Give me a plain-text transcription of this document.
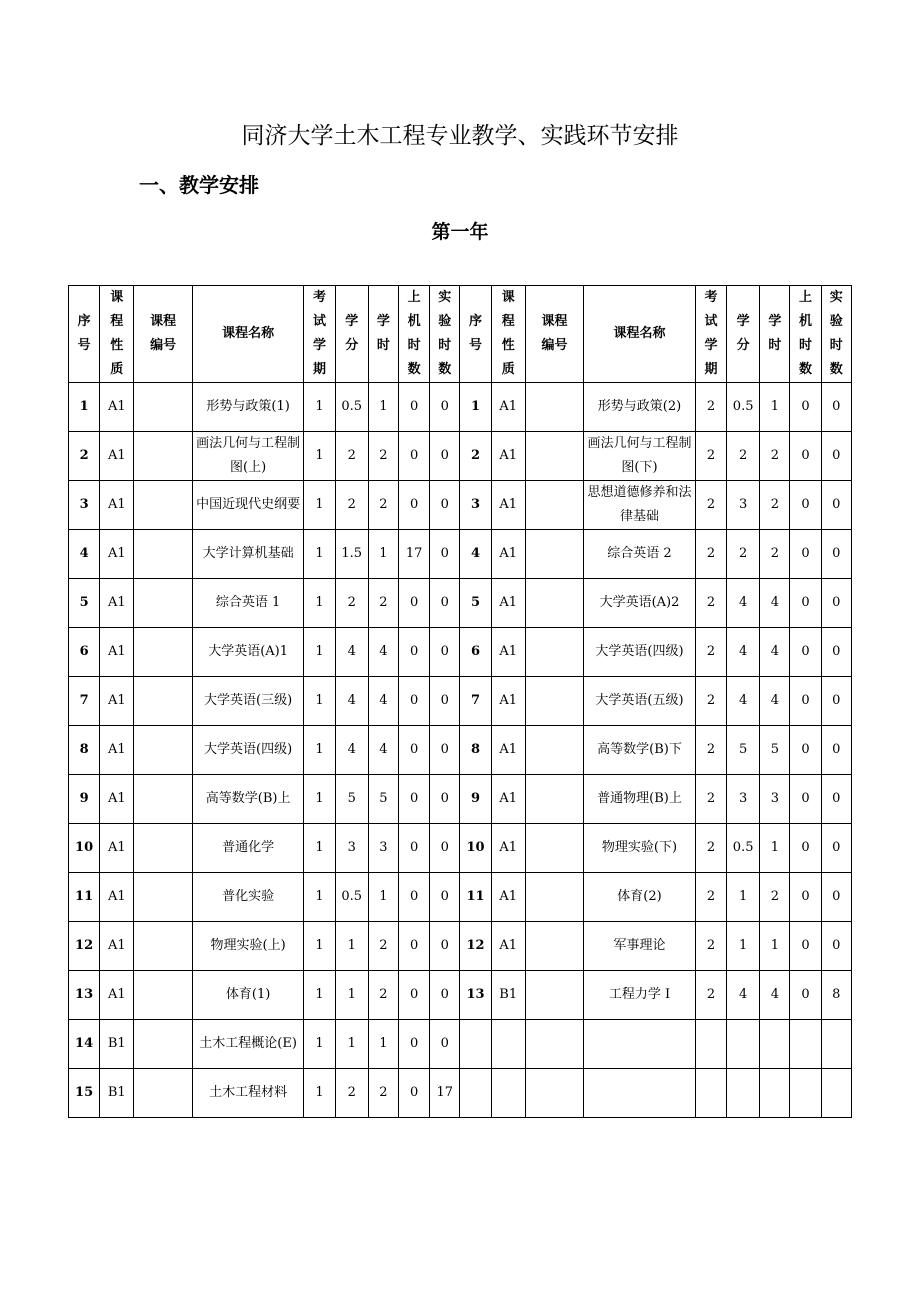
同济大学土木工程专业教学、实践环节安排
一、教学安排
第一年
序
号	课
程
性
质	课程
编号	课程名称	考
试
学
期	学
分	学
时	上
机
时
数	实
验
时
数	序
号	课
程
性
质	课程
编号	课程名称	考
试
学
期	学
分	学
时	上
机
时
数	实
验
时
数

1	A1		形势与政策(1)	1	0.5	1	0	0	1	A1		形势与政策(2)	2	0.5	1	0	0
2	A1		画法几何与工程制图(上)	1	2	2	0	0	2	A1		画法几何与工程制图(下)	2	2	2	0	0
3	A1		中国近现代史纲要	1	2	2	0	0	3	A1		思想道德修养和法律基础	2	3	2	0	0
4	A1		大学计算机基础	1	1.5	1	17	0	4	A1		综合英语 2	2	2	2	0	0
5	A1		综合英语 1	1	2	2	0	0	5	A1		大学英语(A)2	2	4	4	0	0
6	A1		大学英语(A)1	1	4	4	0	0	6	A1		大学英语(四级)	2	4	4	0	0
7	A1		大学英语(三级)	1	4	4	0	0	7	A1		大学英语(五级)	2	4	4	0	0
8	A1		大学英语(四级)	1	4	4	0	0	8	A1		高等数学(B)下	2	5	5	0	0
9	A1		高等数学(B)上	1	5	5	0	0	9	A1		普通物理(B)上	2	3	3	0	0
10	A1		普通化学	1	3	3	0	0	10	A1		物理实验(下)	2	0.5	1	0	0
11	A1		普化实验	1	0.5	1	0	0	11	A1		体育(2)	2	1	2	0	0
12	A1		物理实验(上)	1	1	2	0	0	12	A1		军事理论	2	1	1	0	0
13	A1		体育(1)	1	1	2	0	0	13	B1		工程力学 I	2	4	4	0	8
14	B1		土木工程概论(E)	1	1	1	0	0									
15	B1		土木工程材料	1	2	2	0	17									
